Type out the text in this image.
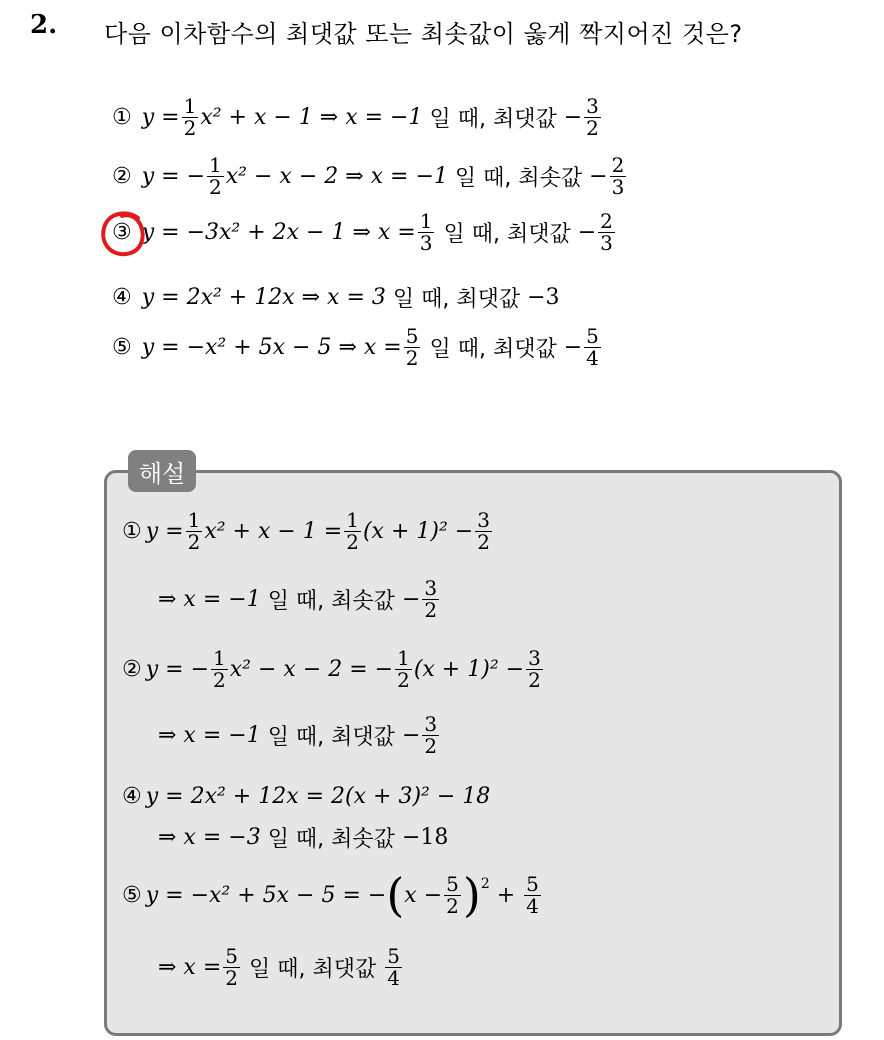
2. 다음 이차함수의 최댓값 또는 최솟값이 옳게 짝지어진 것은?
① $y = \frac{1}{2} x^2 + x - 1$ ⇒ x = −1
일 때, 최댓값
− $\frac{3}{2}$
② y = − $\frac{1}{2} x^2 - x - 2$ ⇒ x = −1
일 때, 최솟값
− $\frac{2}{3}$
③ y = −3x² + 2x − 1 ⇒ $x = \frac{1}{3}$
일 때, 최댓값
− $\frac{2}{3}$
④ y = 2x² + 12x ⇒ x = 3
일 때, 최댓값
−3
⑤ y = −x² + 5x − 5 ⇒ $x = \frac{5}{2}$
일 때, 최댓값
− $\frac{5}{4}$
해설
① $y = \frac{1}{2} x^2 + x - 1 = \frac{1}{2} (x + 1)^2 - \frac{3}{2}$
⇒ x = −1
일 때, 최솟값
− $\frac{3}{2}$
② y = − $\frac{1}{2} x^2 - x - 2$ = − $\frac{1}{2} (x + 1)^2 - \frac{3}{2}$
⇒ x = −1
일 때, 최댓값
− $\frac{3}{2}$
④ y = 2x² + 12x = 2(x + 3)² − 18
⇒ x = −3
일 때, 최솟값
−18
⑤ y = −x² + 5x − 5 = − ( $x - \frac{5}{2} )^2 + \frac{5}{4}$
⇒ $x = \frac{5}{2}$
일 때, 최댓값
$\frac{5}{4}$
